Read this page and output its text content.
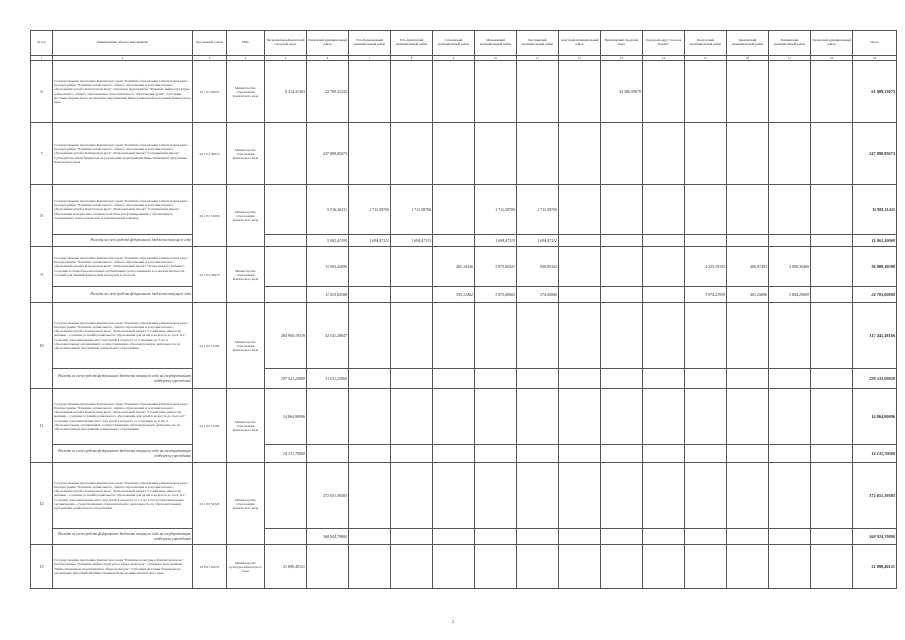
№ п/п	Наименование объекта/ мероприятия	Код целевой статьи	ГРБС	Петропавловск-Камчатский городской округ	Елизовский муниципальный район	Усть-Большерецкий муниципальный район	Усть-Камчатский муниципальный район	Соболевский муниципальный район	Мильковский муниципальный район	Быстринский муниципальный район	Алеутский муниципальный район	Вилючинский городской округ	Городской округ "поселок Палана"	Олюторский муниципальный район	Карагинский муниципальный район	Пенжинский муниципальный район	Тигильский муниципальный район	Итого
1	2	3	4	5	6	7	8	9	10	11	12	13	14	15	16	17	18	19
6	Государственная программа Камчатского края "Развитие образования в Камчатском крае". Подпрограмма "Развитие дошкольного, общего образования и дополнительного образования детей в Камчатском крае". Основное мероприятие "Развитие инфраструктуры дошкольного, общего образования и дополнительного образования детей". Субсидии местным бюджетам на реализацию мероприятий Инвестиционной программы Камчатского края	02 1 07 40070	Министерство образования Камчатского края	6 314,41303	23 708,31232							34 306,59679						61 909,33073
7	Государственная программа Камчатского края "Развитие образования в Камчатском крае". Подпрограмма "Развитие дошкольного, общего образования и дополнительного образования детей в Камчатском крае". Региональный проект "Современная школа". Субсидии местным бюджетам на реализацию мероприятий Инвестиционной программы Камчатского края	02 1 Е1 40070	Министерство образования Камчатского края		247 898,85673													247 898,85673
8	Государственная программа Камчатского края "Развитие образования в Камчатском крае". Подпрограмма "Развитие дошкольного, общего образования и дополнительного образования детей в Камчатском крае". Региональный проект "Современная школа". Обновление материально-технической базы для формирования у обучающихся современных технологических и гуманитарных навыков	02 1 Е1 51690	Министерство образования Камчатского края		5 516,26311	1 711,58700	1 711,58700		1 711,58700	1 711,58700								11 981,11411
	Расходы за счет средств федерального бюджета текущего года				5 082,41395	1 694,47113	1 694,47113		1 694,47113	1 694,47112								11 861,30069
9	Государственная программа Камчатского края "Развитие образования в Камчатском крае". Подпрограмма "Развитие дошкольного, общего образования и дополнительного образования детей в Камчатском крае". Региональный проект "Успех каждого ребенка". Создание в общеобразовательных организациях, расположенных в сельской местности, условий для занятий физической культурой и спортом	02 1 Е2 50970	Министерство образования Камчатского края		11 593,42696			465,10436	3 075,00421	938,85342				4 223,19103	406,97493	4 098,39469		26 800,10580
	Расходы за счет средств федерального бюджета текущего года				11 015,65508			395,12462	3 075,00065	374,00000				3 974,21939	401,25696	3 864,29609		24 705,00000
10	Государственная программа Камчатского края "Развитие образования в Камчатском крае". Подпрограмма "Развитие дошкольного, общего образования и дополнительного образования детей в Камчатском крае". Региональный проект "Содействие занятости женщин - создание условий дошкольного образования для детей в возрасте до трех лет". Создание дополнительных мест для детей в возрасте от 2 месяцев до 3 лет в образовательных организациях, осуществляющих образовательную деятельность по образовательным программам дошкольного образования	02 1 Р2 51590	Министерство образования Камчатского края	284 900,19319	32 541,28847													317 441,48166
	Расходы за счет средств федерального бюджета текущего года на государственную поддержку учреждений			197 521,25899	31 011,23960													228 533,09859
11	Государственная программа Камчатского края "Развитие образования в Камчатском крае". Подпрограмма "Развитие дошкольного, общего образования и дополнительного образования детей в Камчатском крае". Региональный проект "Содействие занятости женщин - создание условий дошкольного образования для детей в возрасте до трех лет". Создание дополнительных мест для детей в возрасте от 2 месяцев до 3 лет в образовательных организациях, осуществляющих образовательную деятельность по образовательным программам дошкольного образования	02 1 Р2 51590	Министерство образования Камчатского края	14 864,90096														14 864,90096
	Расходы за счет средств федерального бюджета текущего года на государственную поддержку учреждений			14 131,70000														14 131,70000
12	Государственная программа Камчатского края "Развитие образования в Камчатском крае". Подпрограмма "Развитие дошкольного, общего образования и дополнительного образования детей в Камчатском крае". Региональный проект "Содействие занятости женщин - создание условий дошкольного образования для детей в возрасте до трех лет". Создание дополнительных мест для детей в возрасте от 1,5 до 3 лет в образовательных организациях, осуществляющих образовательную деятельность по образовательным программам дошкольного образования	02 1 Р2 52320	Министерство образования Камчатского края		372 651,39383													372 651,39383
	Расходы за счет средств федерального бюджета текущего года на государственную поддержку учреждений				368 924,79800													368 924,79800
13	Государственная программа Камчатского края "Развитие культуры в Камчатском крае". Подпрограмма "Развитие инфраструктуры в сфере культуры". Основное мероприятие "Инвестиционные мероприятия в сфере культуры". Субсидии местным бюджетам на реализацию мероприятий Инвестиционной программы Камчатского края	03 8 01 40070	Министерство культуры Камчатского края	21 890,40121														21 890,40121
2
